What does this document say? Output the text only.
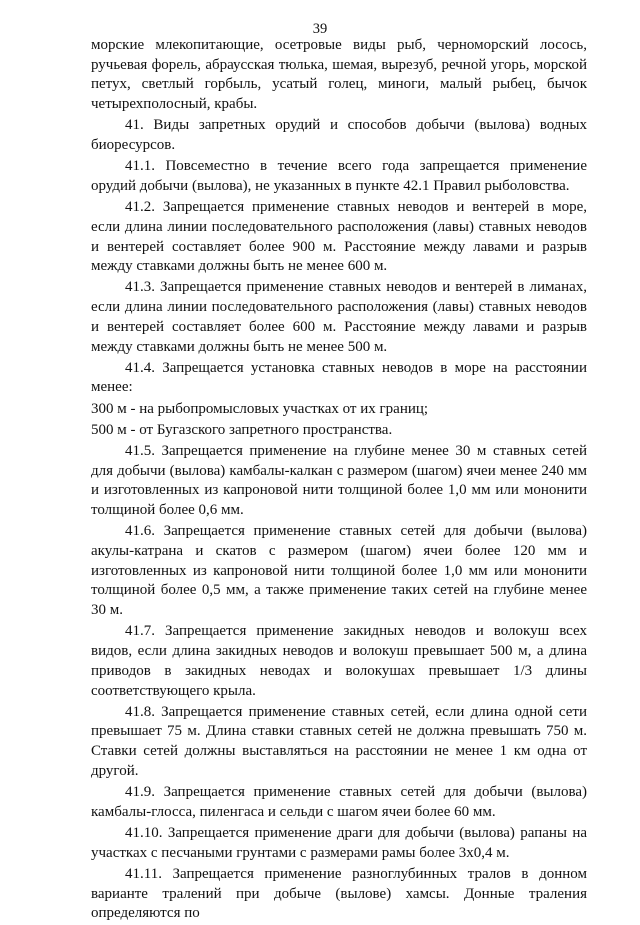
39

морские млекопитающие, осетровые виды рыб, черноморский лосось, ручьевая форель, абраусская тюлька, шемая, вырезуб, речной угорь, морской петух, светлый горбыль, усатый голец, миноги, малый рыбец, бычок четырехполосный, крабы.

41. Виды запретных орудий и способов добычи (вылова) водных биоресурсов.

41.1. Повсеместно в течение всего года запрещается применение орудий добычи (вылова), не указанных в пункте 42.1 Правил рыболовства.

41.2. Запрещается применение ставных неводов и вентерей в море, если длина линии последовательного расположения (лавы) ставных неводов и вентерей составляет более 900 м. Расстояние между лавами и разрыв между ставками должны быть не менее 600 м.

41.3. Запрещается применение ставных неводов и вентерей в лиманах, если длина линии последовательного расположения (лавы) ставных неводов и вентерей составляет более 600 м. Расстояние между лавами и разрыв между ставками должны быть не менее 500 м.

41.4. Запрещается установка ставных неводов в море на расстоянии менее:

300 м - на рыбопромысловых участках от их границ;

500 м - от Бугазского запретного пространства.

41.5. Запрещается применение на глубине менее 30 м ставных сетей для добычи (вылова) камбалы-калкан с размером (шагом) ячеи менее 240 мм и изготовленных из капроновой нити толщиной более 1,0 мм или мононити толщиной более 0,6 мм.

41.6. Запрещается применение ставных сетей для добычи (вылова) акулы-катрана и скатов с размером (шагом) ячеи более 120 мм и изготовленных из капроновой нити толщиной более 1,0 мм или мононити толщиной более 0,5 мм, а также применение таких сетей на глубине менее 30 м.

41.7. Запрещается применение закидных неводов и волокуш всех видов, если длина закидных неводов и волокуш превышает 500 м, а длина приводов в закидных неводах и волокушах превышает 1/3 длины соответствующего крыла.

41.8. Запрещается применение ставных сетей, если длина одной сети превышает 75 м. Длина ставки ставных сетей не должна превышать 750 м. Ставки сетей должны выставляться на расстоянии не менее 1 км одна от другой.

41.9. Запрещается применение ставных сетей для добычи (вылова) камбалы-глосса, пиленгаса и сельди с шагом ячеи более 60 мм.

41.10. Запрещается применение драги для добычи (вылова) рапаны на участках с песчаными грунтами с размерами рамы более 3х0,4 м.

41.11. Запрещается применение разноглубинных тралов в донном варианте тралений при добыче (вылове) хамсы. Донные траления определяются по
